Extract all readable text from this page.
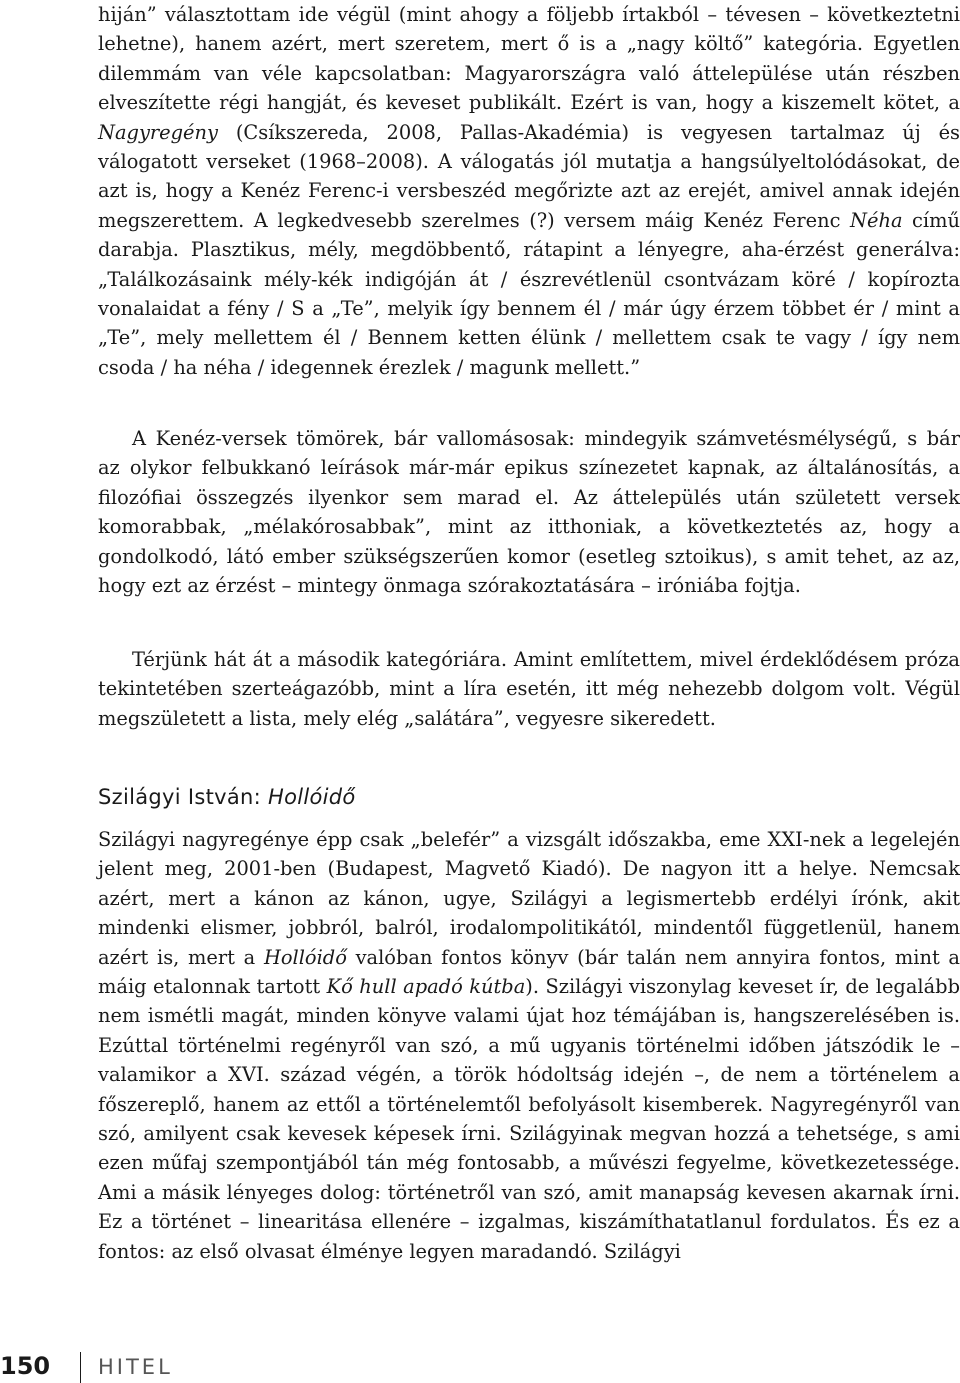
hiján” választottam ide végül (mint ahogy a följebb írtakból – tévesen – következtetni lehetne), hanem azért, mert szeretem, mert ő is a „nagy költő” kategória. Egyetlen dilemmám van véle kapcsolatban: Magyarországra való áttelepülése után részben elveszítette régi hangját, és keveset publikált. Ezért is van, hogy a kiszemelt kötet, a Nagyregény (Csíkszereda, 2008, Pallas-Akadémia) is vegyesen tartalmaz új és válogatott verseket (1968–2008). A válogatás jól mutatja a hangsúlyeltolódásokat, de azt is, hogy a Kenéz Ferenc-i versbeszéd megőrizte azt az erejét, amivel annak idején megszerettem. A legkedvesebb szerelmes (?) versem máig Kenéz Ferenc Néha című darabja. Plasztikus, mély, megdöbbentő, rátapint a lényegre, aha-érzést generálva: „Találkozásaink mély-kék indigóján át / észrevétlenül csontvázam köré / kopírozta vonalaidat a fény / S a „Te”, melyik így bennem él / már úgy érzem többet ér / mint a „Te”, mely mellettem él / Bennem ketten élünk / mellettem csak te vagy / így nem csoda / ha néha / idegennek érezlek / magunk mellett.”

A Kenéz-versek tömörek, bár vallomásosak: mindegyik számvetésmélységű, s bár az olykor felbukkanó leírások már-már epikus színezetet kapnak, az általánosítás, a filozófiai összegzés ilyenkor sem marad el. Az áttelepülés után született versek komorabbak, „mélakórosabbak”, mint az itthoniak, a következtetés az, hogy a gondolkodó, látó ember szükségszerűen komor (esetleg sztoikus), s amit tehet, az az, hogy ezt az érzést – mintegy önmaga szórakoztatására – iróniába fojtja.

Térjünk hát át a második kategóriára. Amint említettem, mivel érdeklődésem próza tekintetében szerteágazóbb, mint a líra esetén, itt még nehezebb dolgom volt. Végül megszületett a lista, mely elég „salátára”, vegyesre sikeredett.

Szilágyi István: Hollóidő

Szilágyi nagyregénye épp csak „belefér” a vizsgált időszakba, eme XXI-nek a legelején jelent meg, 2001-ben (Budapest, Magvető Kiadó). De nagyon itt a helye. Nemcsak azért, mert a kánon az kánon, ugye, Szilágyi a legismertebb erdélyi írónk, akit mindenki elismer, jobbról, balról, irodalompolitikától, mindentől függetlenül, hanem azért is, mert a Hollóidő valóban fontos könyv (bár talán nem annyira fontos, mint a máig etalonnak tartott Kő hull apadó kútba). Szilágyi viszonylag keveset ír, de legalább nem ismétli magát, minden könyve valami újat hoz témájában is, hangszerelésében is. Ezúttal történelmi regényről van szó, a mű ugyanis történelmi időben játszódik le – valamikor a XVI. század végén, a török hódoltság idején –, de nem a történelem a főszereplő, hanem az ettől a történelemtől befolyásolt kisemberek. Nagyregényről van szó, amilyent csak kevesek képesek írni. Szilágyinak megvan hozzá a tehetsége, s ami ezen műfaj szempontjából tán még fontosabb, a művészi fegyelme, következetessége. Ami a másik lényeges dolog: történetről van szó, amit manapság kevesen akarnak írni. Ez a történet – linearitása ellenére – izgalmas, kiszámíthatatlanul fordulatos. És ez a fontos: az első olvasat élménye legyen maradandó. Szilágyi

150 HITEL
